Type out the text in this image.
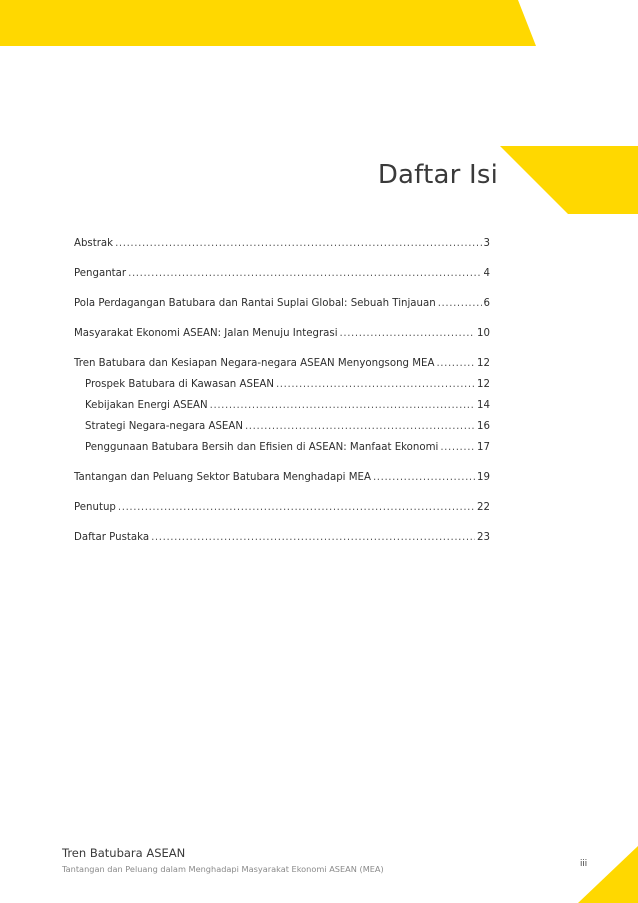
Daftar Isi
Abstrak .....	3
Pengantar .....	4
Pola Perdagangan Batubara dan Rantai Suplai Global: Sebuah Tinjauan .....	6
Masyarakat Ekonomi ASEAN: Jalan Menuju Integrasi .....	10
Tren Batubara dan Kesiapan Negara-negara ASEAN Menyongsong MEA .....	12
Prospek Batubara di Kawasan ASEAN .....	12
Kebijakan Energi ASEAN .....	14
Strategi Negara-negara ASEAN .....	16
Penggunaan Batubara Bersih dan Efisien di ASEAN: Manfaat Ekonomi .....	17
Tantangan dan Peluang Sektor Batubara Menghadapi MEA .....	19
Penutup .....	22
Daftar Pustaka .....	23

Tren Batubara ASEAN

Tantangan dan Peluang dalam Menghadapi Masyarakat Ekonomi ASEAN (MEA)	iii
